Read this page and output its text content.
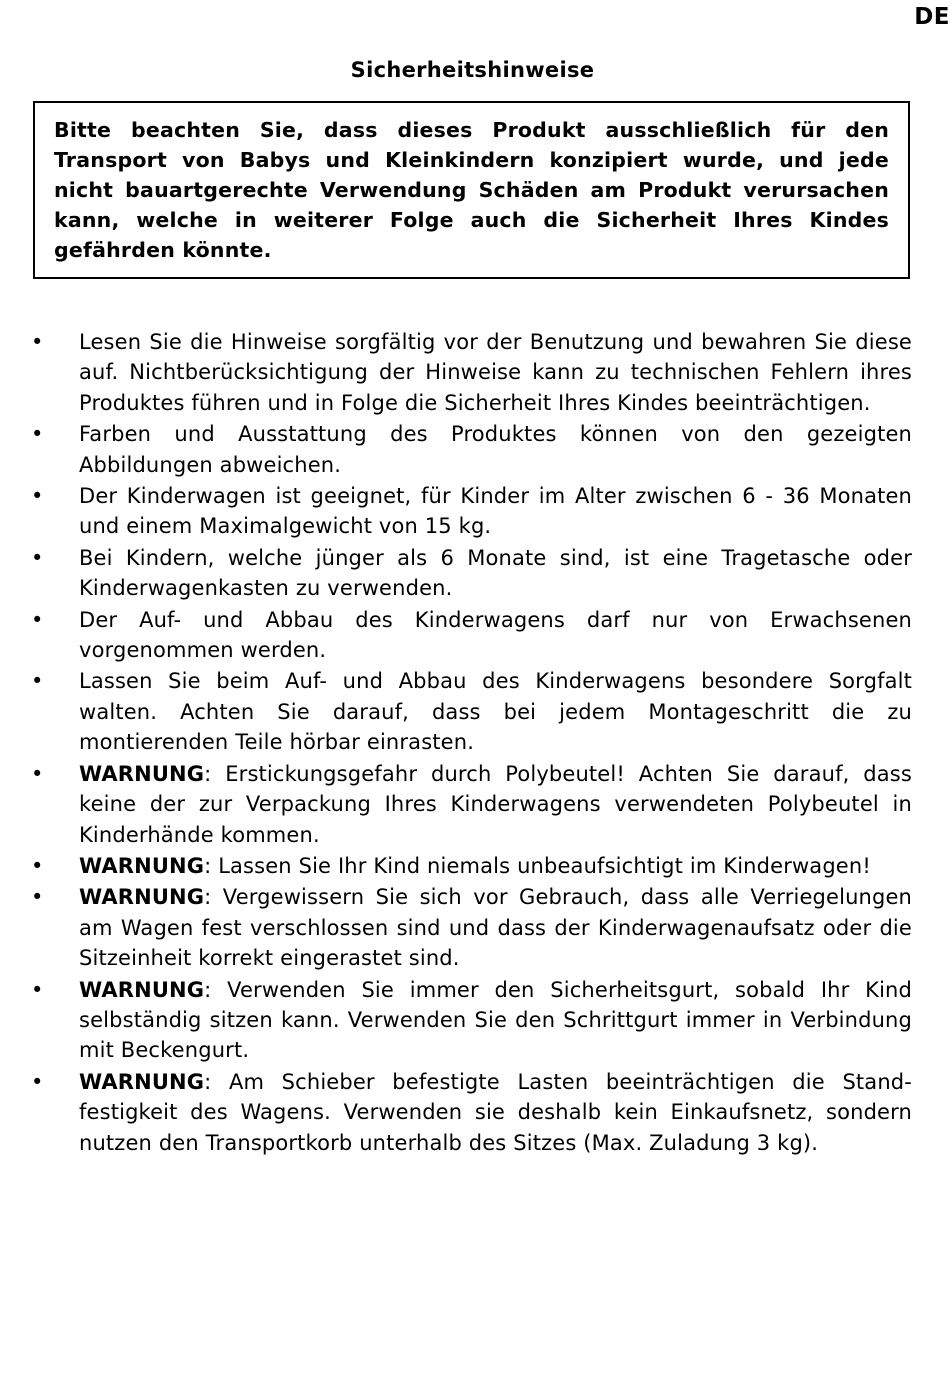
DE
Sicherheitshinweise

Bitte beachten Sie, dass dieses Produkt ausschließlich für den Transport von Babys und Kleinkindern konzipiert wurde, und jede nicht bauartgerechte Verwendung Schäden am Produkt verursachen kann, welche in weiterer Folge auch die Sicherheit Ihres Kindes gefährden könnte.

• Lesen Sie die Hinweise sorgfältig vor der Benutzung und bewahren Sie diese auf. Nichtberücksichtigung der Hinweise kann zu technischen Fehlern ihres Produktes führen und in Folge die Sicherheit Ihres Kindes beeinträchtigen.
• Farben und Ausstattung des Produktes können von den gezeigten Abbildungen abweichen.
• Der Kinderwagen ist geeignet, für Kinder im Alter zwischen 6 - 36 Monaten und einem Maximalgewicht von 15 kg.
• Bei Kindern, welche jünger als 6 Monate sind, ist eine Tragetasche oder Kinderwagenkasten zu verwenden.
• Der Auf- und Abbau des Kinderwagens darf nur von Erwachsenen vorgenommen werden.
• Lassen Sie beim Auf- und Abbau des Kinderwagens besondere Sorgfalt walten. Achten Sie darauf, dass bei jedem Montageschritt die zu montierenden Teile hörbar einrasten.
• WARNUNG: Erstickungsgefahr durch Polybeutel! Achten Sie darauf, dass keine der zur Verpackung Ihres Kinderwagens verwendeten Polybeutel in Kinderhände kommen.
• WARNUNG: Lassen Sie Ihr Kind niemals unbeaufsichtigt im Kinderwagen!
• WARNUNG: Vergewissern Sie sich vor Gebrauch, dass alle Verriegelungen am Wagen fest verschlossen sind und dass der Kinderwagenaufsatz oder die Sitzeinheit korrekt eingerastet sind.
• WARNUNG: Verwenden Sie immer den Sicherheitsgurt, sobald Ihr Kind selbständig sitzen kann. Verwenden Sie den Schrittgurt immer in Verbindung mit Beckengurt.
• WARNUNG: Am Schieber befestigte Lasten beeinträchtigen die Stand-festigkeit des Wagens. Verwenden sie deshalb kein Einkaufsnetz, sondern nutzen den Transportkorb unterhalb des Sitzes (Max. Zuladung 3 kg).
